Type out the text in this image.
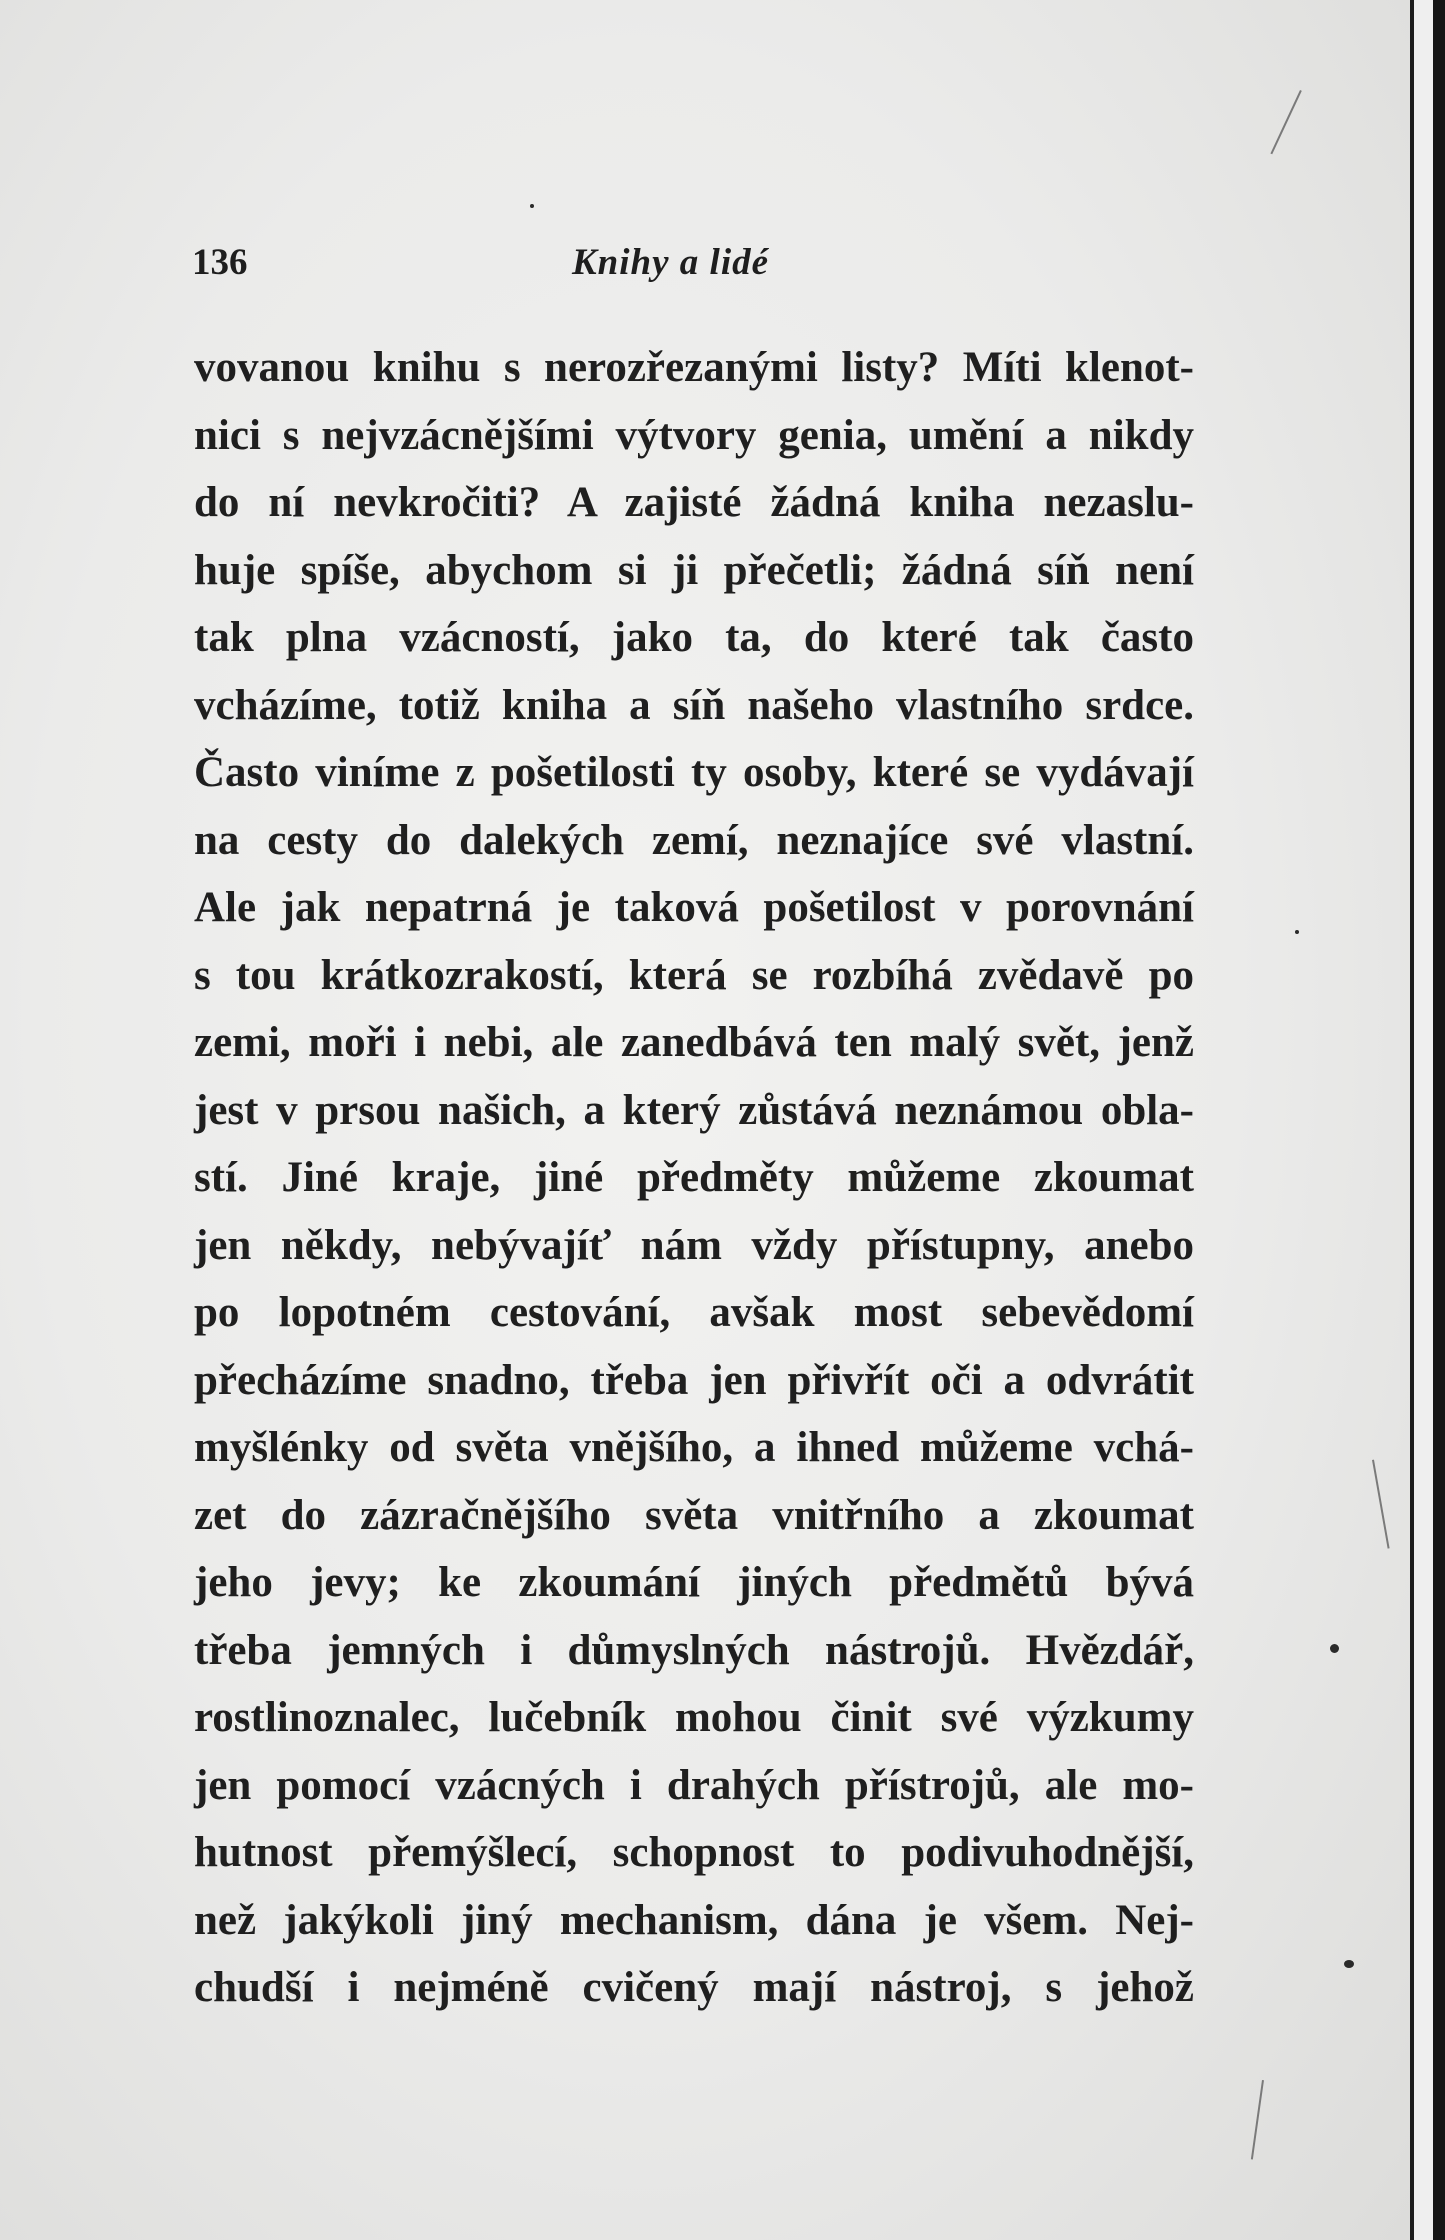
136	Knihy a lidé
vovanou knihu s nerozřezanými listy? Míti klenot-
nici s nejvzácnějšími výtvory genia, umění a nikdy
do ní nevkročiti? A zajisté žádná kniha nezaslu-
huje spíše, abychom si ji přečetli; žádná síň není
tak plna vzácností, jako ta, do které tak často
vcházíme, totiž kniha a síň našeho vlastního srdce.
Často viníme z pošetilosti ty osoby, které se vydávají
na cesty do dalekých zemí, neznajíce své vlastní.
Ale jak nepatrná je taková pošetilost v porovnání
s tou krátkozrakostí, která se rozbíhá zvědavě po
zemi, moři i nebi, ale zanedbává ten malý svět, jenž
jest v prsou našich, a který zůstává neznámou obla-
stí. Jiné kraje, jiné předměty můžeme zkoumat
jen někdy, nebývajíť nám vždy přístupny, anebo
po lopotném cestování, avšak most sebevědomí
přecházíme snadno, třeba jen přivřít oči a odvrátit
myšlénky od světa vnějšího, a ihned můžeme vchá-
zet do zázračnějšího světa vnitřního a zkoumat
jeho jevy; ke zkoumání jiných předmětů bývá
třeba jemných i důmyslných nástrojů. Hvězdář,
rostlinoznalec, lučebník mohou činit své výzkumy
jen pomocí vzácných i drahých přístrojů, ale mo-
hutnost přemýšlecí, schopnost to podivuhodnější,
než jakýkoli jiný mechanism, dána je všem. Nej-
chudší i nejméně cvičený mají nástroj, s jehož
